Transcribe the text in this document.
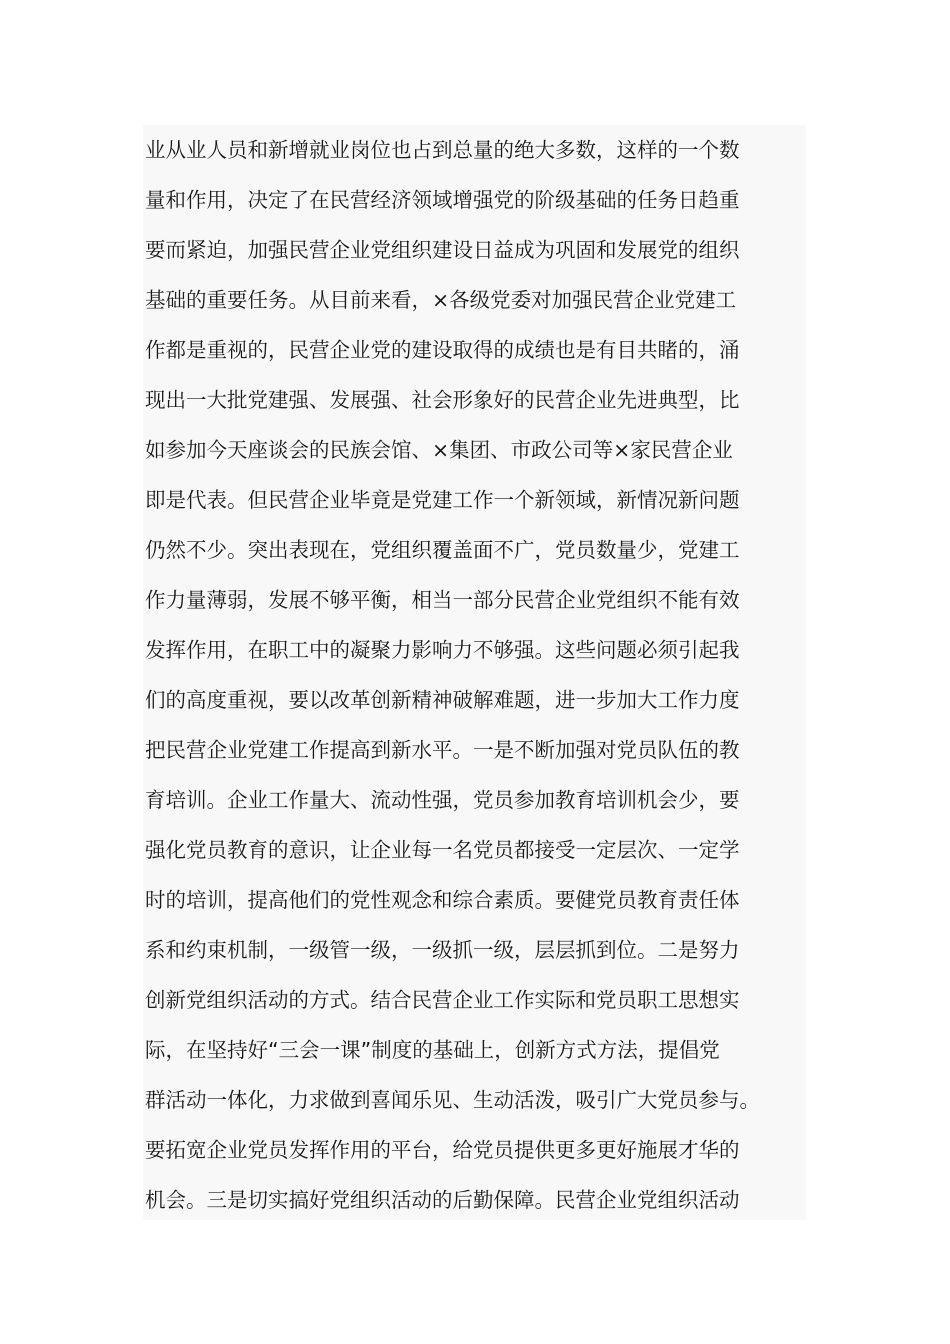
业从业人员和新增就业岗位也占到总量的绝大多数，这样的一个数
量和作用，决定了在民营经济领域增强党的阶级基础的任务日趋重
要而紧迫，加强民营企业党组织建设日益成为巩固和发展党的组织
基础的重要任务。从目前来看，×各级党委对加强民营企业党建工
作都是重视的，民营企业党的建设取得的成绩也是有目共睹的，涌
现出一大批党建强、发展强、社会形象好的民营企业先进典型，比
如参加今天座谈会的民族会馆、×集团、市政公司等×家民营企业
即是代表。但民营企业毕竟是党建工作一个新领域，新情况新问题
仍然不少。突出表现在，党组织覆盖面不广，党员数量少，党建工
作力量薄弱，发展不够平衡，相当一部分民营企业党组织不能有效
发挥作用，在职工中的凝聚力影响力不够强。这些问题必须引起我
们的高度重视，要以改革创新精神破解难题，进一步加大工作力度
把民营企业党建工作提高到新水平。一是不断加强对党员队伍的教
育培训。企业工作量大、流动性强，党员参加教育培训机会少，要
强化党员教育的意识，让企业每一名党员都接受一定层次、一定学
时的培训，提高他们的党性观念和综合素质。要健党员教育责任体
系和约束机制，一级管一级，一级抓一级，层层抓到位。二是努力
创新党组织活动的方式。结合民营企业工作实际和党员职工思想实
际，在坚持好“三会一课”制度的基础上，创新方式方法，提倡党
群活动一体化，力求做到喜闻乐见、生动活泼，吸引广大党员参与。
要拓宽企业党员发挥作用的平台，给党员提供更多更好施展才华的
机会。三是切实搞好党组织活动的后勤保障。民营企业党组织活动
